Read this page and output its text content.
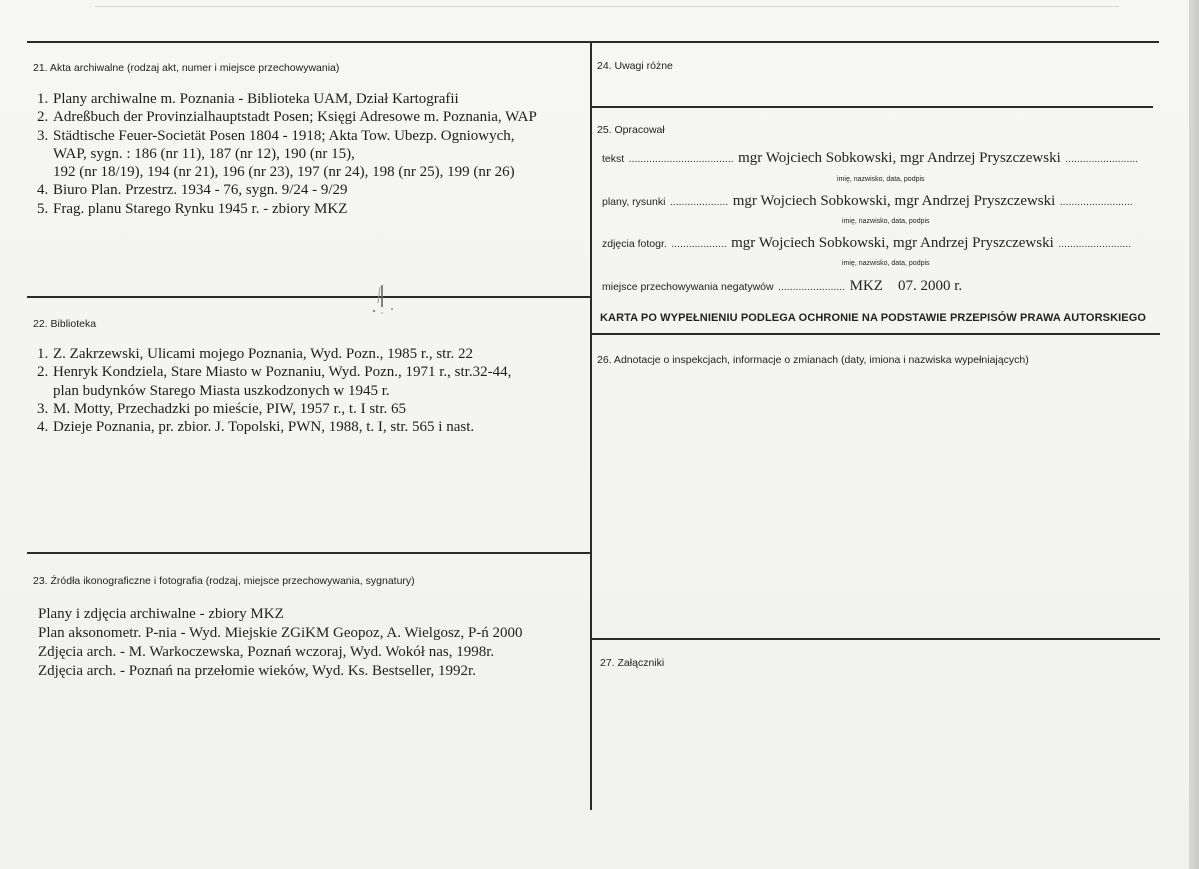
21. Akta archiwalne (rodzaj akt, numer i miejsce przechowywania)
1. Plany archiwalne m. Poznania - Biblioteka UAM, Dział Kartografii
2. Adreßbuch der Provinzialhauptstadt Posen; Księgi Adresowe m. Poznania, WAP
3. Städtische Feuer-Societät Posen 1804 - 1918; Akta Tow. Ubezp. Ogniowych,
WAP, sygn. : 186 (nr 11), 187 (nr 12), 190 (nr 15),
192 (nr 18/19), 194 (nr 21), 196 (nr 23), 197 (nr 24), 198 (nr 25), 199 (nr 26)
4. Biuro Plan. Przestrz. 1934 - 76, sygn. 9/24 - 9/29
5. Frag. planu Starego Rynku 1945 r. - zbiory MKZ
22. Biblioteka
1. Z. Zakrzewski, Ulicami mojego Poznania, Wyd. Pozn., 1985 r., str. 22
2. Henryk Kondziela, Stare Miasto w Poznaniu, Wyd. Pozn., 1971 r., str.32-44,
plan budynków Starego Miasta uszkodzonych w 1945 r.
3. M. Motty, Przechadzki po mieście, PIW, 1957 r., t. I str. 65
4. Dzieje Poznania, pr. zbior. J. Topolski, PWN, 1988, t. I, str. 565 i nast.
23. Źródła ikonograficzne i fotografia (rodzaj, miejsce przechowywania, sygnatury)
Plany i zdjęcia archiwalne - zbiory MKZ
Plan aksonometr. P-nia - Wyd. Miejskie ZGiKM Geopoz, A. Wielgosz, P-ń 2000
Zdjęcia arch. - M. Warkoczewska, Poznań wczoraj, Wyd. Wokół nas, 1998r.
Zdjęcia arch. - Poznań na przełomie wieków, Wyd. Ks. Bestseller, 1992r.
24. Uwagi różne
25. Opracował
tekst .................................... mgr Wojciech Sobkowski, mgr Andrzej Pryszczewski .........................
imię, nazwisko, data, podpis
plany, rysunki .................... mgr Wojciech Sobkowski, mgr Andrzej Pryszczewski .........................
imię, nazwisko, data, podpis
zdjęcia fotogr. ................... mgr Wojciech Sobkowski, mgr Andrzej Pryszczewski .........................
imię, nazwisko, data, podpis
miejsce przechowywania negatywów ....................... MKZ    07. 2000 r.
KARTA PO WYPEŁNIENIU PODLEGA OCHRONIE NA PODSTAWIE PRZEPISÓW PRAWA AUTORSKIEGO
26. Adnotacje o inspekcjach, informacje o zmianach (daty, imiona i nazwiska wypełniających)
27. Załączniki
